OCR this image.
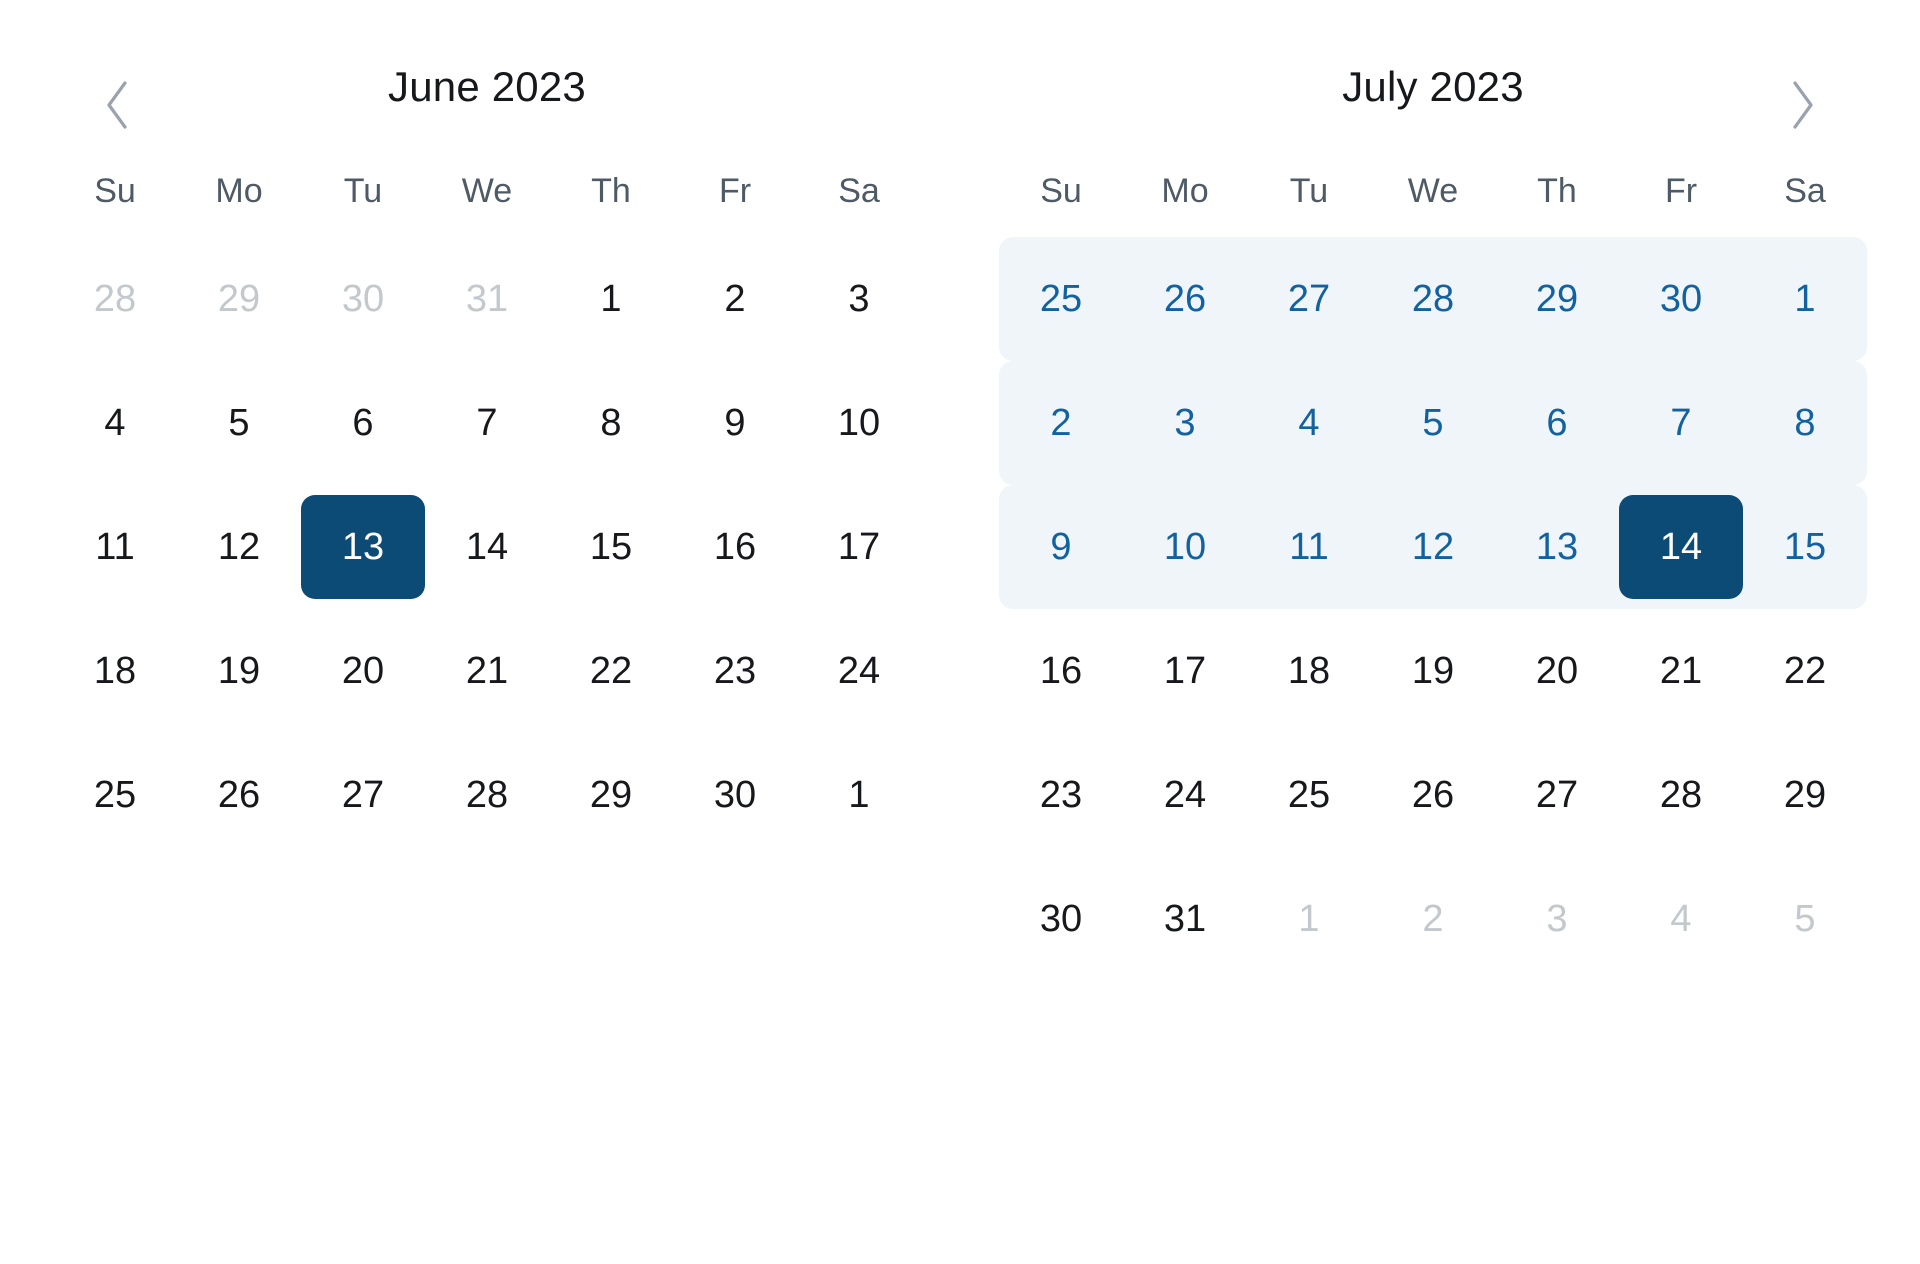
June 2023
Su	Mo	Tu	We	Th	Fr	Sa
28	29	30	31	1	2	3
4	5	6	7	8	9	10
11	12	13	14	15	16	17
18	19	20	21	22	23	24
25	26	27	28	29	30	1
July 2023
Su	Mo	Tu	We	Th	Fr	Sa
25	26	27	28	29	30	1
2	3	4	5	6	7	8
9	10	11	12	13	14	15
16	17	18	19	20	21	22
23	24	25	26	27	28	29
30	31	1	2	3	4	5
